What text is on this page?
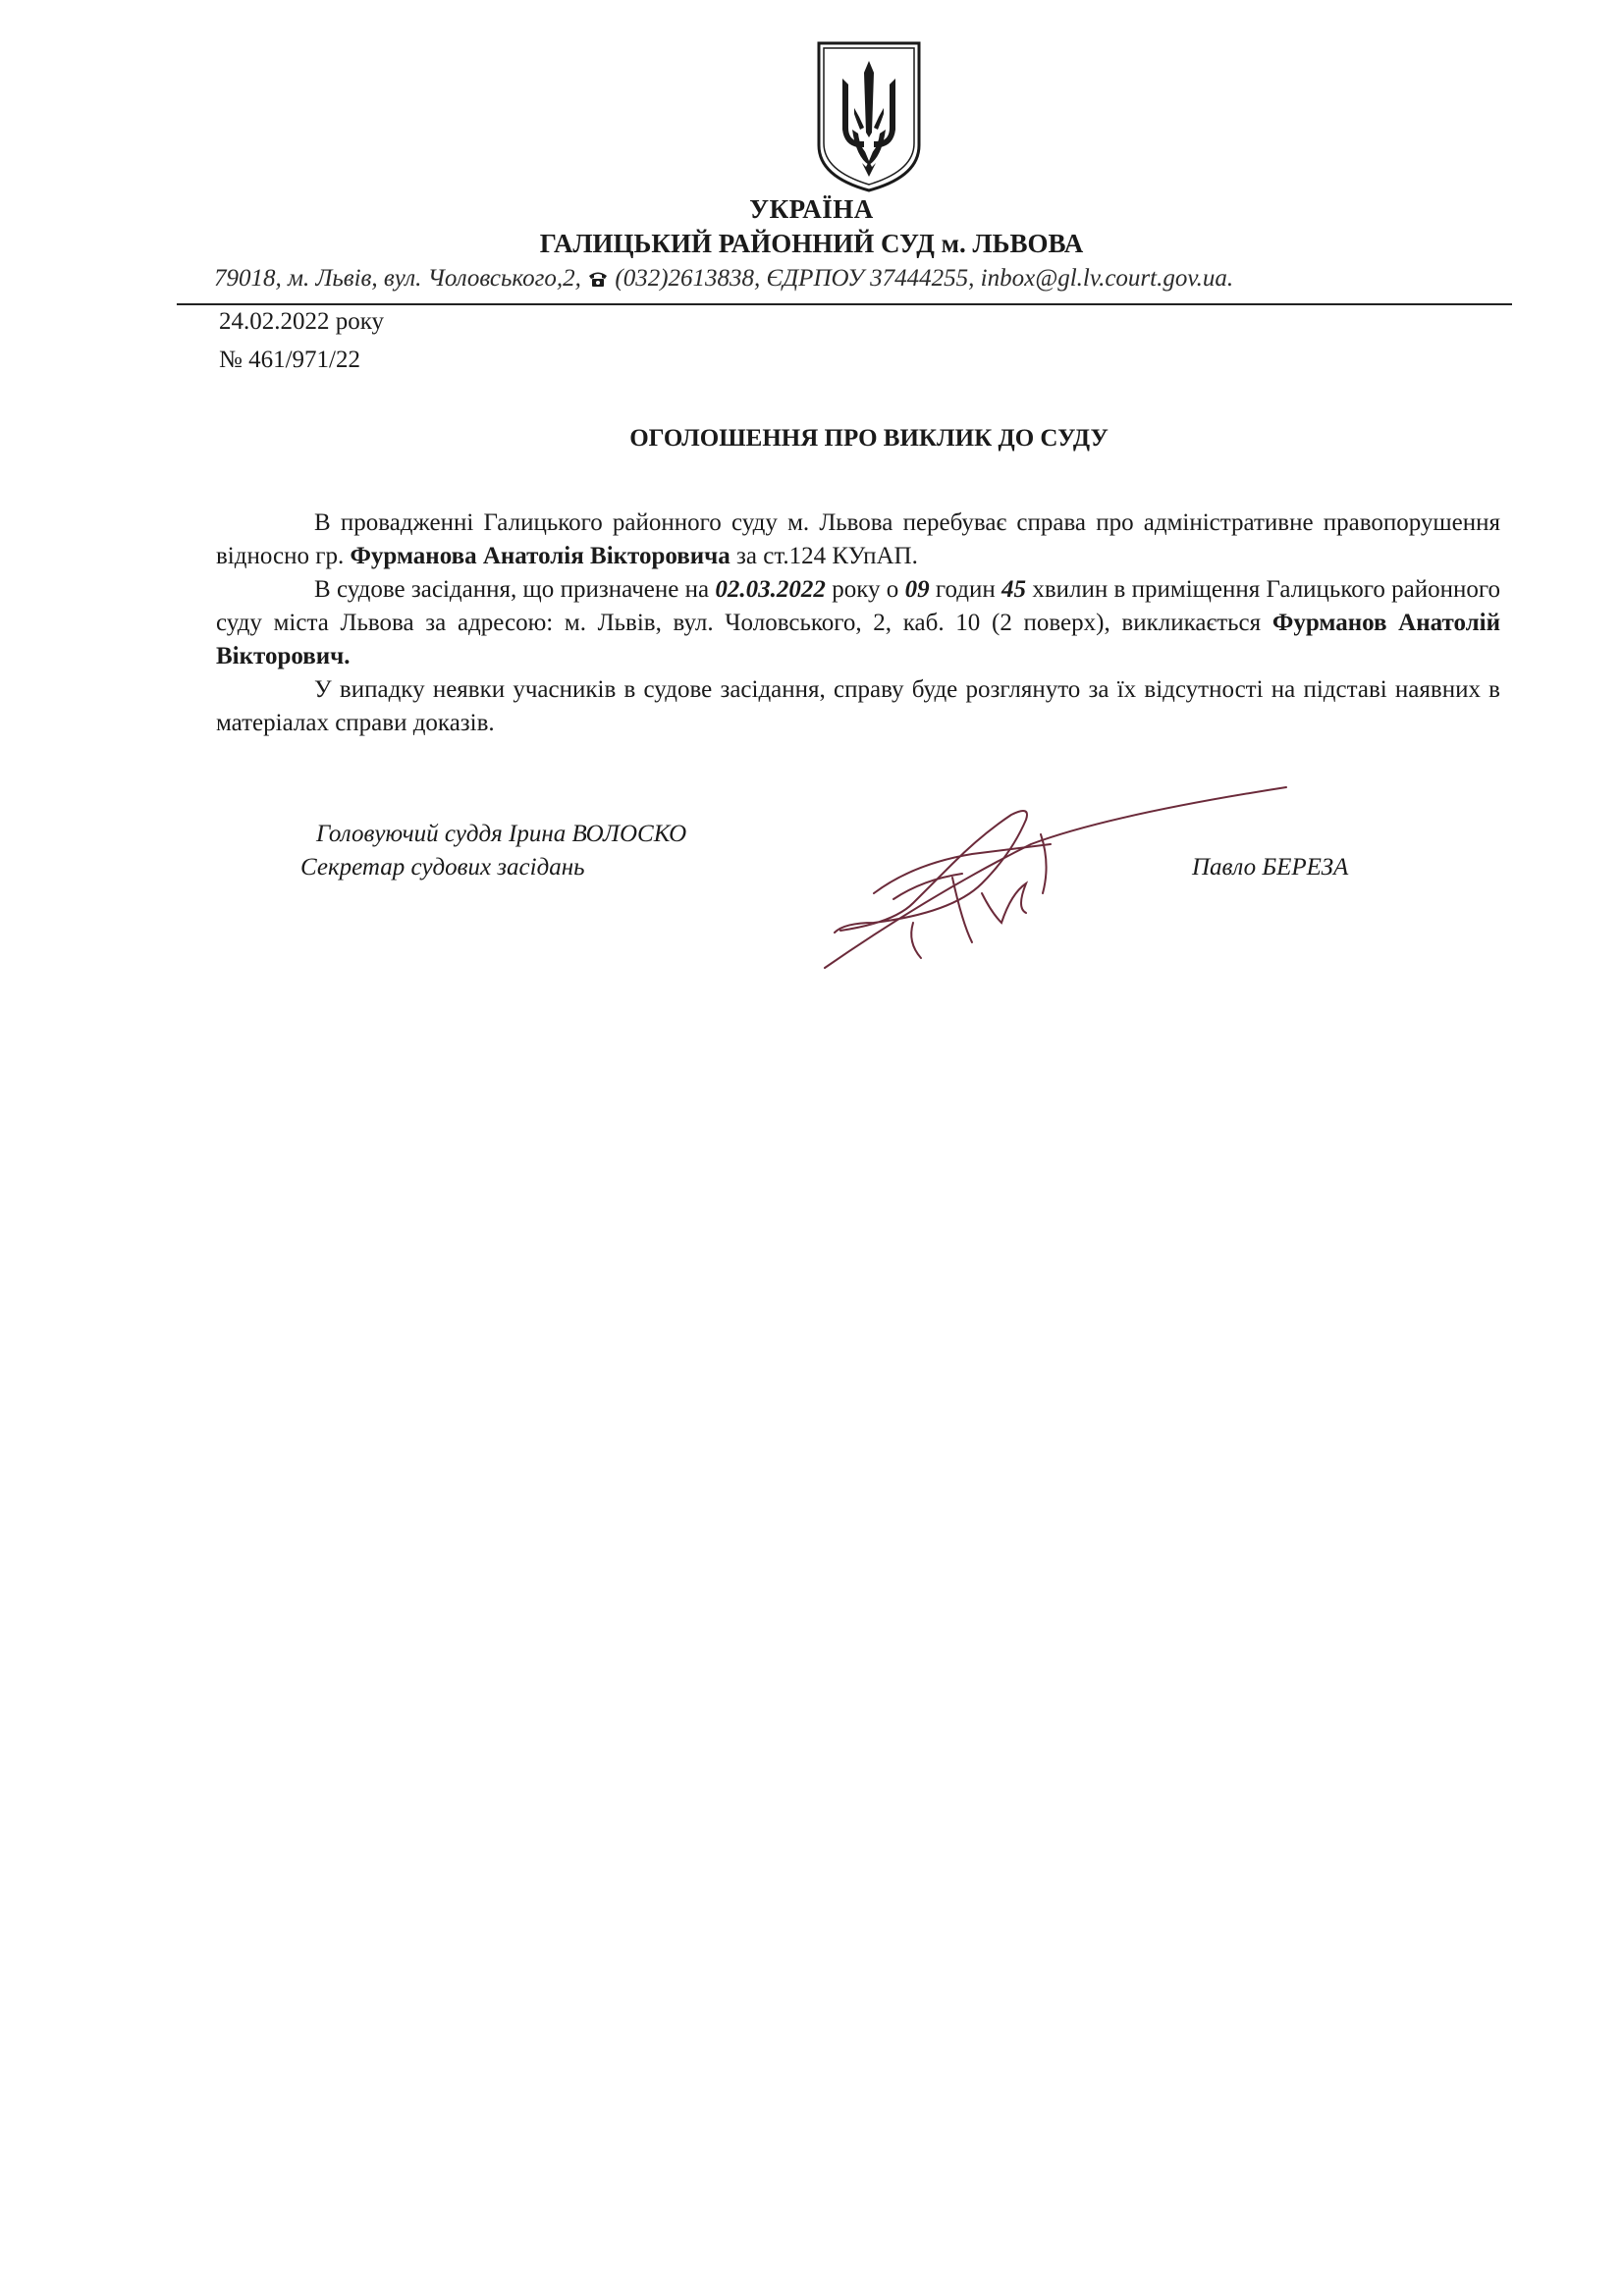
УКРАЇНА
ГАЛИЦЬКИЙ РАЙОННИЙ СУД м. ЛЬВОВА
79018, м. Львів, вул. Чоловського,2,  (032)2613838, ЄДРПОУ 37444255, inbox@gl.lv.court.gov.ua.
24.02.2022 року
№ 461/971/22
ОГОЛОШЕННЯ ПРО ВИКЛИК ДО СУДУ

В провадженні Галицького районного суду м. Львова перебуває справа про адміністративне правопорушення відносно гр. Фурманова Анатолія Вікторовича за ст.124 КУпАП.

В судове засідання, що призначене на 02.03.2022 року о 09 годин 45 хвилин в приміщення Галицького районного суду міста Львова за адресою: м. Львів, вул. Чоловського, 2, каб. 10 (2 поверх), викликається Фурманов Анатолій Вікторович.

У випадку неявки учасників в судове засідання, справу буде розглянуто за їх відсутності на підставі наявних в матеріалах справи доказів.

Головуючий суддя Ірина ВОЛОСКО
Секретар судових засідань	Павло БЕРЕЗА
